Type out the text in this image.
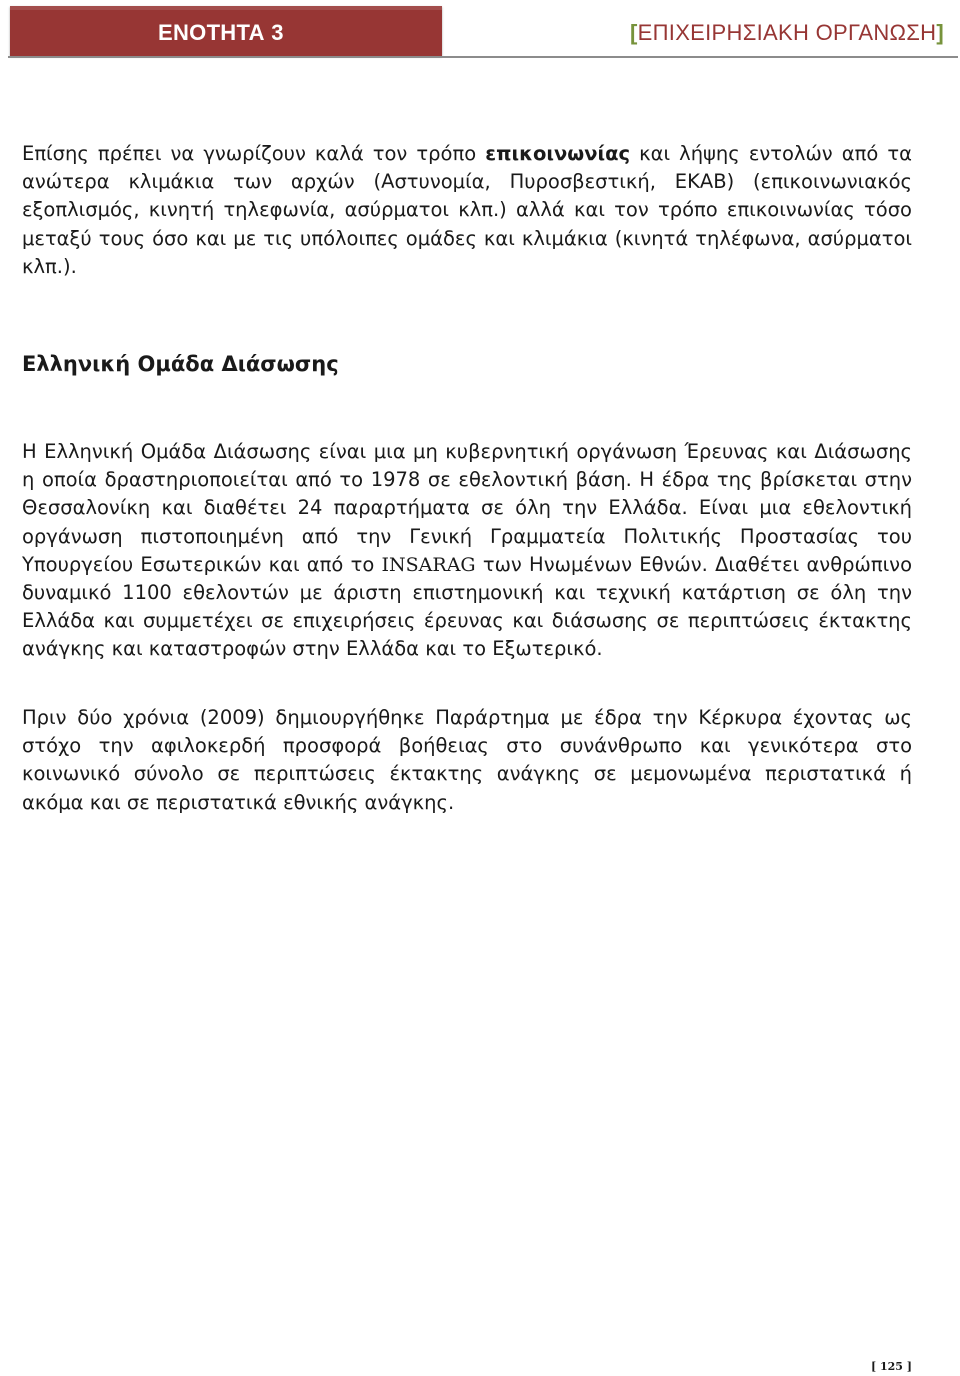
ΕΝΟΤΗΤΑ 3	[ΕΠΙΧΕΙΡΗΣΙΑΚΗ ΟΡΓΑΝΩΣΗ]

Επίσης πρέπει να γνωρίζουν καλά τον τρόπο επικοινωνίας και λήψης εντολών από τα ανώτερα κλιμάκια των αρχών (Αστυνομία, Πυροσβεστική, ΕΚΑΒ) (επικοινωνιακός εξοπλισμός, κινητή τηλεφωνία, ασύρματοι κλπ.) αλλά και τον τρόπο επικοινωνίας τόσο μεταξύ τους όσο και με τις υπόλοιπες ομάδες και κλιμάκια (κινητά τηλέφωνα, ασύρματοι κλπ.).

Ελληνική Ομάδα Διάσωσης

Η Ελληνική Ομάδα Διάσωσης είναι μια μη κυβερνητική οργάνωση Έρευνας και Διάσωσης η οποία δραστηριοποιείται από το 1978 σε εθελοντική βάση. Η έδρα της βρίσκεται στην Θεσσαλονίκη και διαθέτει 24 παραρτήματα σε όλη την Ελλάδα. Είναι μια εθελοντική οργάνωση πιστοποιημένη από την Γενική Γραμματεία Πολιτικής Προστασίας του Υπουργείου Εσωτερικών και από το INSARAG των Ηνωμένων Εθνών. Διαθέτει ανθρώπινο δυναμικό 1100 εθελοντών με άριστη επιστημονική και τεχνική κατάρτιση σε όλη την Ελλάδα και συμμετέχει σε επιχειρήσεις έρευνας και διάσωσης σε περιπτώσεις έκτακτης ανάγκης και καταστροφών στην Ελλάδα και το Εξωτερικό.

Πριν δύο χρόνια (2009) δημιουργήθηκε Παράρτημα με έδρα την Κέρκυρα έχοντας ως στόχο την αφιλοκερδή προσφορά βοήθειας στο συνάνθρωπο και γενικότερα στο κοινωνικό σύνολο σε περιπτώσεις έκτακτης ανάγκης σε μεμονωμένα περιστατικά ή ακόμα και σε περιστατικά εθνικής ανάγκης.

[ 125 ]
